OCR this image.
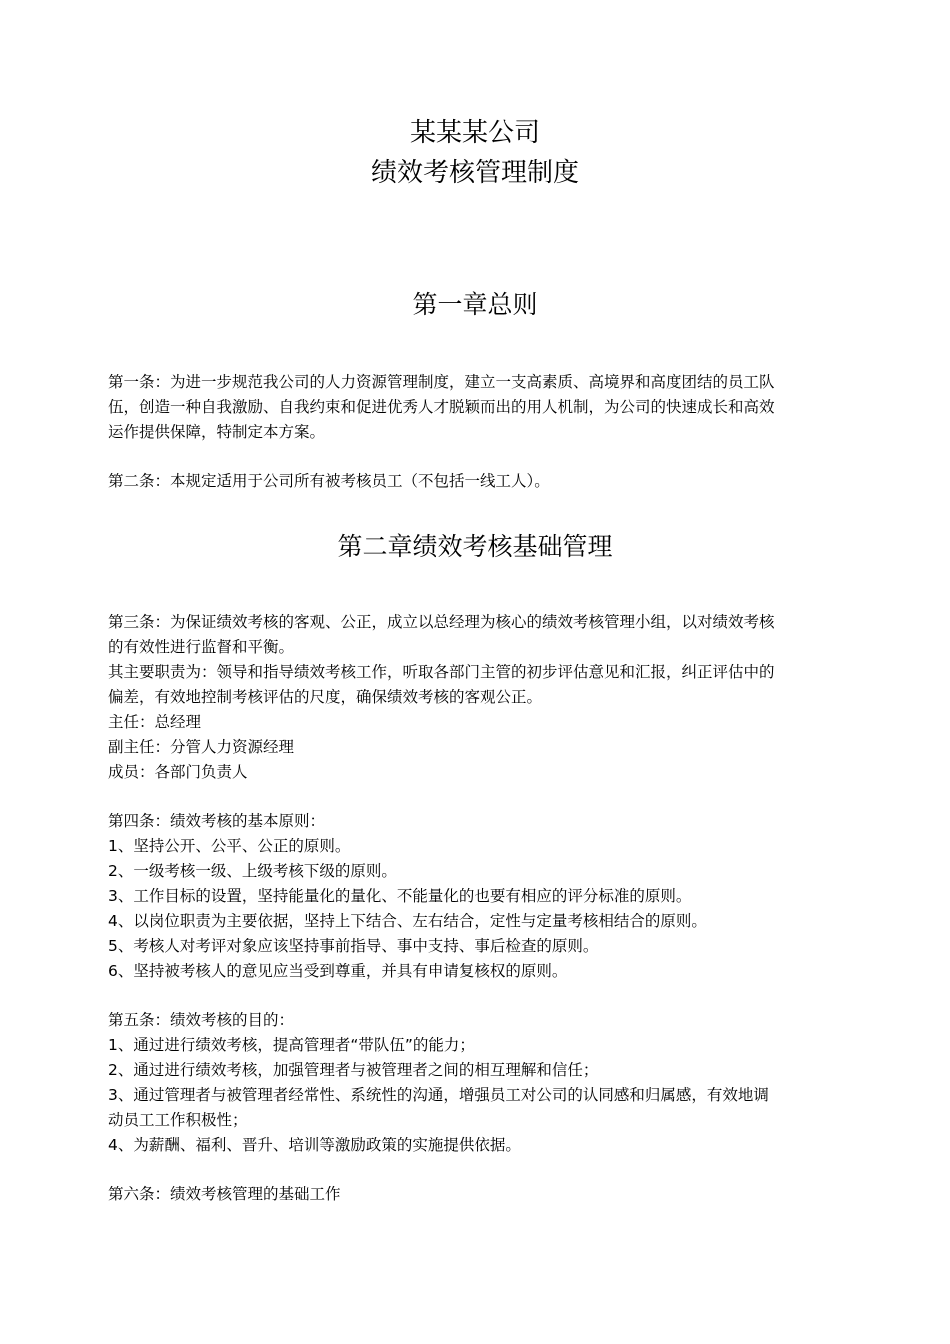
某某某公司
绩效考核管理制度
第一章总则

第一条：为进一步规范我公司的人力资源管理制度，建立一支高素质、高境界和高度团结的员工队

伍，创造一种自我激励、自我约束和促进优秀人才脱颖而出的用人机制，为公司的快速成长和高效

运作提供保障，特制定本方案。

第二条：本规定适用于公司所有被考核员工（不包括一线工人）。

第二章绩效考核基础管理

第三条：为保证绩效考核的客观、公正，成立以总经理为核心的绩效考核管理小组，以对绩效考核

的有效性进行监督和平衡。

其主要职责为：领导和指导绩效考核工作，听取各部门主管的初步评估意见和汇报，纠正评估中的

偏差，有效地控制考核评估的尺度，确保绩效考核的客观公正。

主任：总经理

副主任：分管人力资源经理

成员：各部门负责人

第四条：绩效考核的基本原则：

1、坚持公开、公平、公正的原则。

2、一级考核一级、上级考核下级的原则。

3、工作目标的设置，坚持能量化的量化、不能量化的也要有相应的评分标准的原则。

4、以岗位职责为主要依据，坚持上下结合、左右结合，定性与定量考核相结合的原则。

5、考核人对考评对象应该坚持事前指导、事中支持、事后检查的原则。

6、坚持被考核人的意见应当受到尊重，并具有申请复核权的原则。

第五条：绩效考核的目的：

1、通过进行绩效考核，提高管理者“带队伍”的能力；

2、通过进行绩效考核，加强管理者与被管理者之间的相互理解和信任；

3、通过管理者与被管理者经常性、系统性的沟通，增强员工对公司的认同感和归属感，有效地调

动员工工作积极性；

4、为薪酬、福利、晋升、培训等激励政策的实施提供依据。

第六条：绩效考核管理的基础工作
